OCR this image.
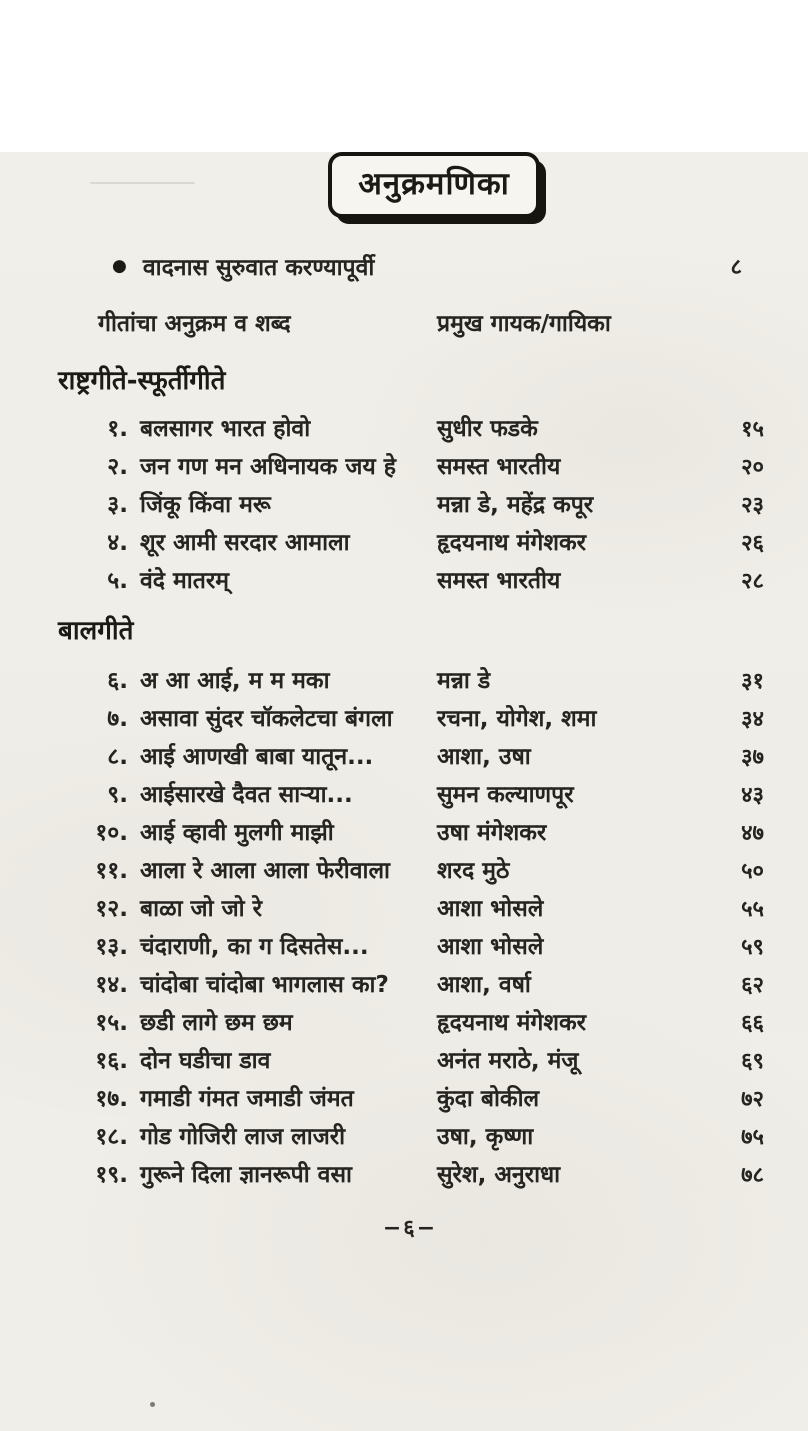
अनुक्रमणिका
● वादनास सुरुवात करण्यापूर्वी	८
गीतांचा अनुक्रम व शब्द	प्रमुख गायक/गायिका
राष्ट्रगीते-स्फूर्तीगीते
१. बलसागर भारत होवो	सुधीर फडके	१५
२. जन गण मन अधिनायक जय हे	समस्त भारतीय	२०
३. जिंकू किंवा मरू	मन्ना डे, महेंद्र कपूर	२३
४. शूर आमी सरदार आमाला	हृदयनाथ मंगेशकर	२६
५. वंदे मातरम्	समस्त भारतीय	२८
बालगीते
६. अ आ आई, म म मका	मन्ना डे	३१
७. असावा सुंदर चॉकलेटचा बंगला	रचना, योगेश, शमा	३४
८. आई आणखी बाबा यातून...	आशा, उषा	३७
९. आईसारखे दैवत साऱ्या...	सुमन कल्याणपूर	४३
१०. आई व्हावी मुलगी माझी	उषा मंगेशकर	४७
११. आला रे आला आला फेरीवाला	शरद मुठे	५०
१२. बाळा जो जो रे	आशा भोसले	५५
१३. चंदाराणी, का ग दिसतेस...	आशा भोसले	५९
१४. चांदोबा चांदोबा भागलास का?	आशा, वर्षा	६२
१५. छडी लागे छम छम	हृदयनाथ मंगेशकर	६६
१६. दोन घडीचा डाव	अनंत मराठे, मंजू	६९
१७. गमाडी गंमत जमाडी जंमत	कुंदा बोकील	७२
१८. गोड गोजिरी लाज लाजरी	उषा, कृष्णा	७५
१९. गुरूने दिला ज्ञानरूपी वसा	सुरेश, अनुराधा	७८
−६−
